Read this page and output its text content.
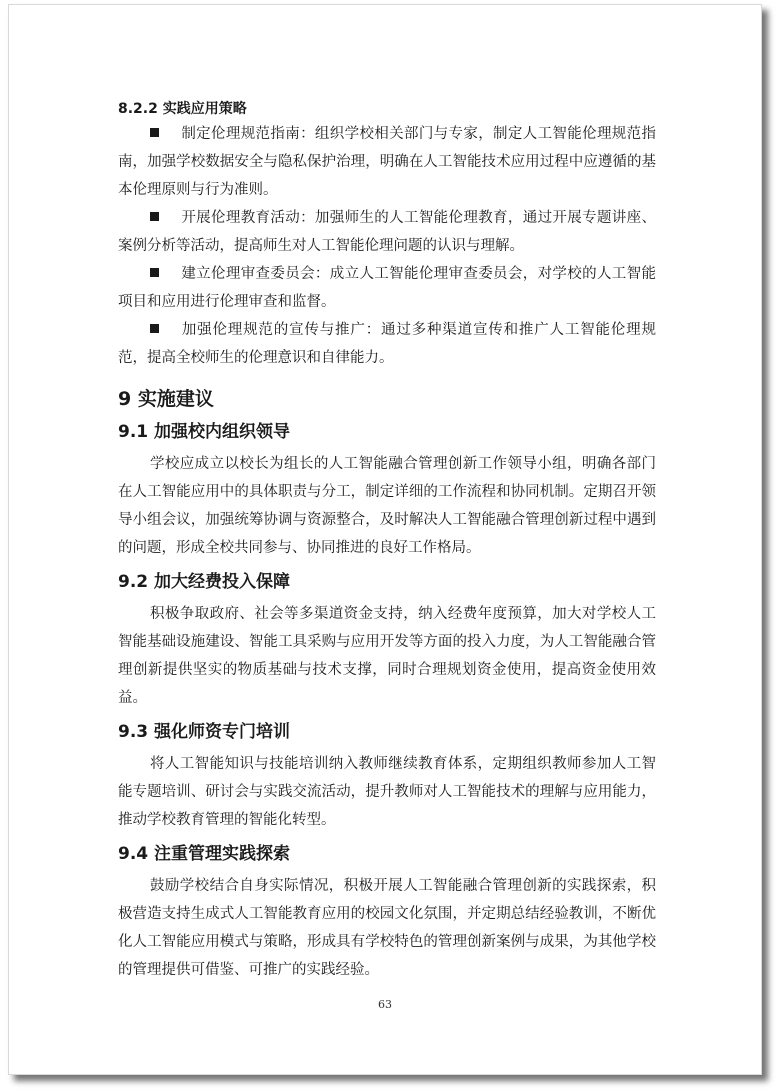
8.2.2 实践应用策略

制定伦理规范指南：组织学校相关部门与专家，制定人工智能伦理规范指南，加强学校数据安全与隐私保护治理，明确在人工智能技术应用过程中应遵循的基本伦理原则与行为准则。

开展伦理教育活动：加强师生的人工智能伦理教育，通过开展专题讲座、案例分析等活动，提高师生对人工智能伦理问题的认识与理解。

建立伦理审查委员会：成立人工智能伦理审查委员会，对学校的人工智能项目和应用进行伦理审查和监督。

加强伦理规范的宣传与推广：通过多种渠道宣传和推广人工智能伦理规范，提高全校师生的伦理意识和自律能力。

9 实施建议
9.1 加强校内组织领导

学校应成立以校长为组长的人工智能融合管理创新工作领导小组，明确各部门在人工智能应用中的具体职责与分工，制定详细的工作流程和协同机制。定期召开领导小组会议，加强统筹协调与资源整合，及时解决人工智能融合管理创新过程中遇到的问题，形成全校共同参与、协同推进的良好工作格局。

9.2 加大经费投入保障

积极争取政府、社会等多渠道资金支持，纳入经费年度预算，加大对学校人工智能基础设施建设、智能工具采购与应用开发等方面的投入力度，为人工智能融合管理创新提供坚实的物质基础与技术支撑，同时合理规划资金使用，提高资金使用效益。

9.3 强化师资专门培训

将人工智能知识与技能培训纳入教师继续教育体系，定期组织教师参加人工智能专题培训、研讨会与实践交流活动，提升教师对人工智能技术的理解与应用能力，推动学校教育管理的智能化转型。

9.4 注重管理实践探索

鼓励学校结合自身实际情况，积极开展人工智能融合管理创新的实践探索，积极营造支持生成式人工智能教育应用的校园文化氛围，并定期总结经验教训，不断优化人工智能应用模式与策略，形成具有学校特色的管理创新案例与成果，为其他学校的管理提供可借鉴、可推广的实践经验。

63
